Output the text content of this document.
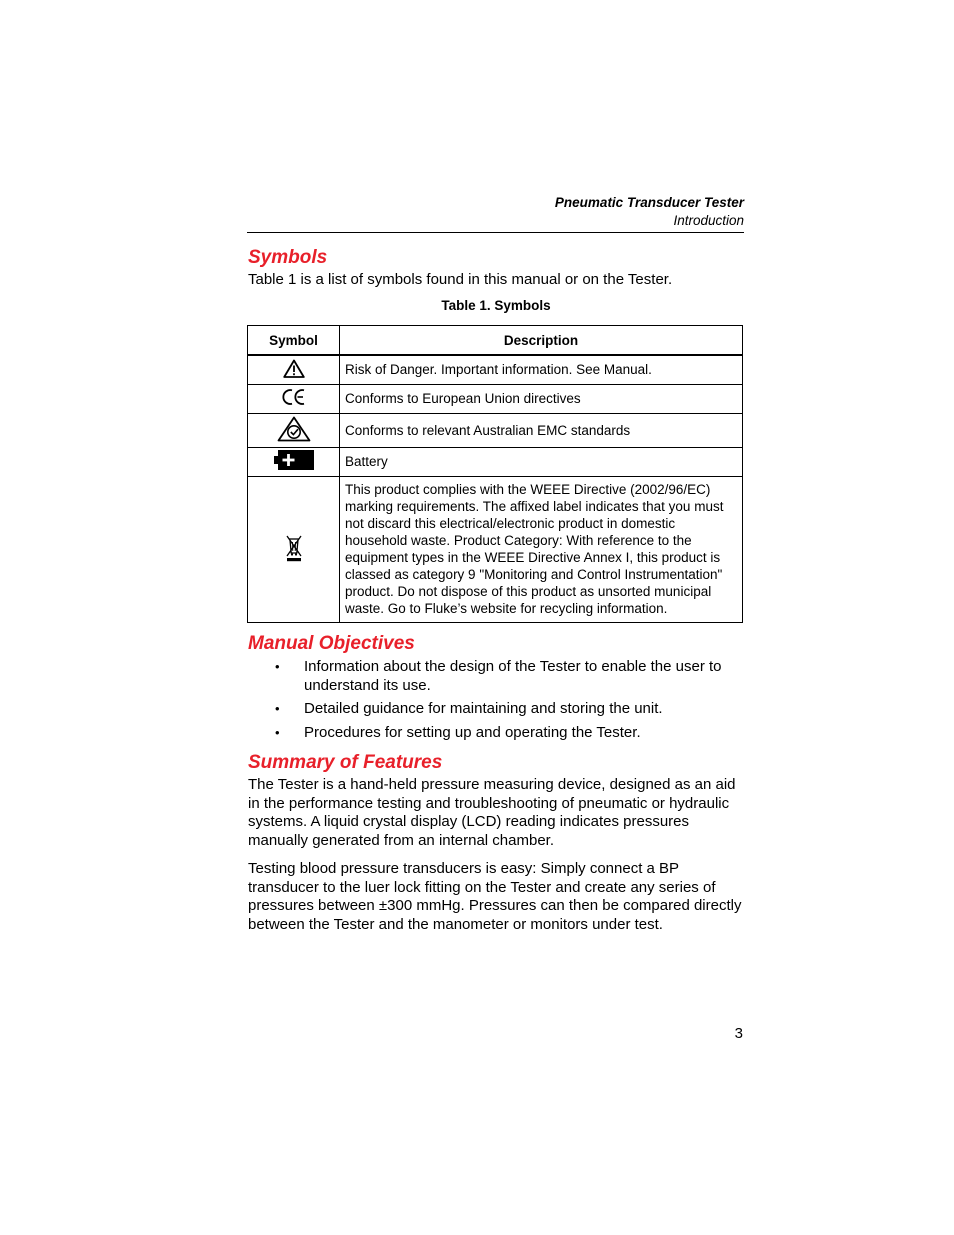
Pneumatic Transducer Tester
Introduction
Symbols

Table 1 is a list of symbols found in this manual or on the Tester.

Table 1. Symbols
Symbol	Description
	Risk of Danger. Important information. See Manual.
	Conforms to European Union directives
	Conforms to relevant Australian EMC standards
	Battery
	This product complies with the WEEE Directive (2002/96/EC) marking requirements. The affixed label indicates that you must not discard this electrical/electronic product in domestic household waste. Product Category: With reference to the equipment types in the WEEE Directive Annex I, this product is classed as category 9 "Monitoring and Control Instrumentation" product. Do not dispose of this product as unsorted municipal waste. Go to Fluke’s website for recycling information.
Manual Objectives
• Information about the design of the Tester to enable the user to understand its use.
• Detailed guidance for maintaining and storing the unit.
• Procedures for setting up and operating the Tester.
Summary of Features

The Tester is a hand-held pressure measuring device, designed as an aid in the performance testing and troubleshooting of pneumatic or hydraulic systems. A liquid crystal display (LCD) reading indicates pressures manually generated from an internal chamber.

Testing blood pressure transducers is easy: Simply connect a BP transducer to the luer lock fitting on the Tester and create any series of pressures between ±300 mmHg. Pressures can then be compared directly between the Tester and the manometer or monitors under test.

3
